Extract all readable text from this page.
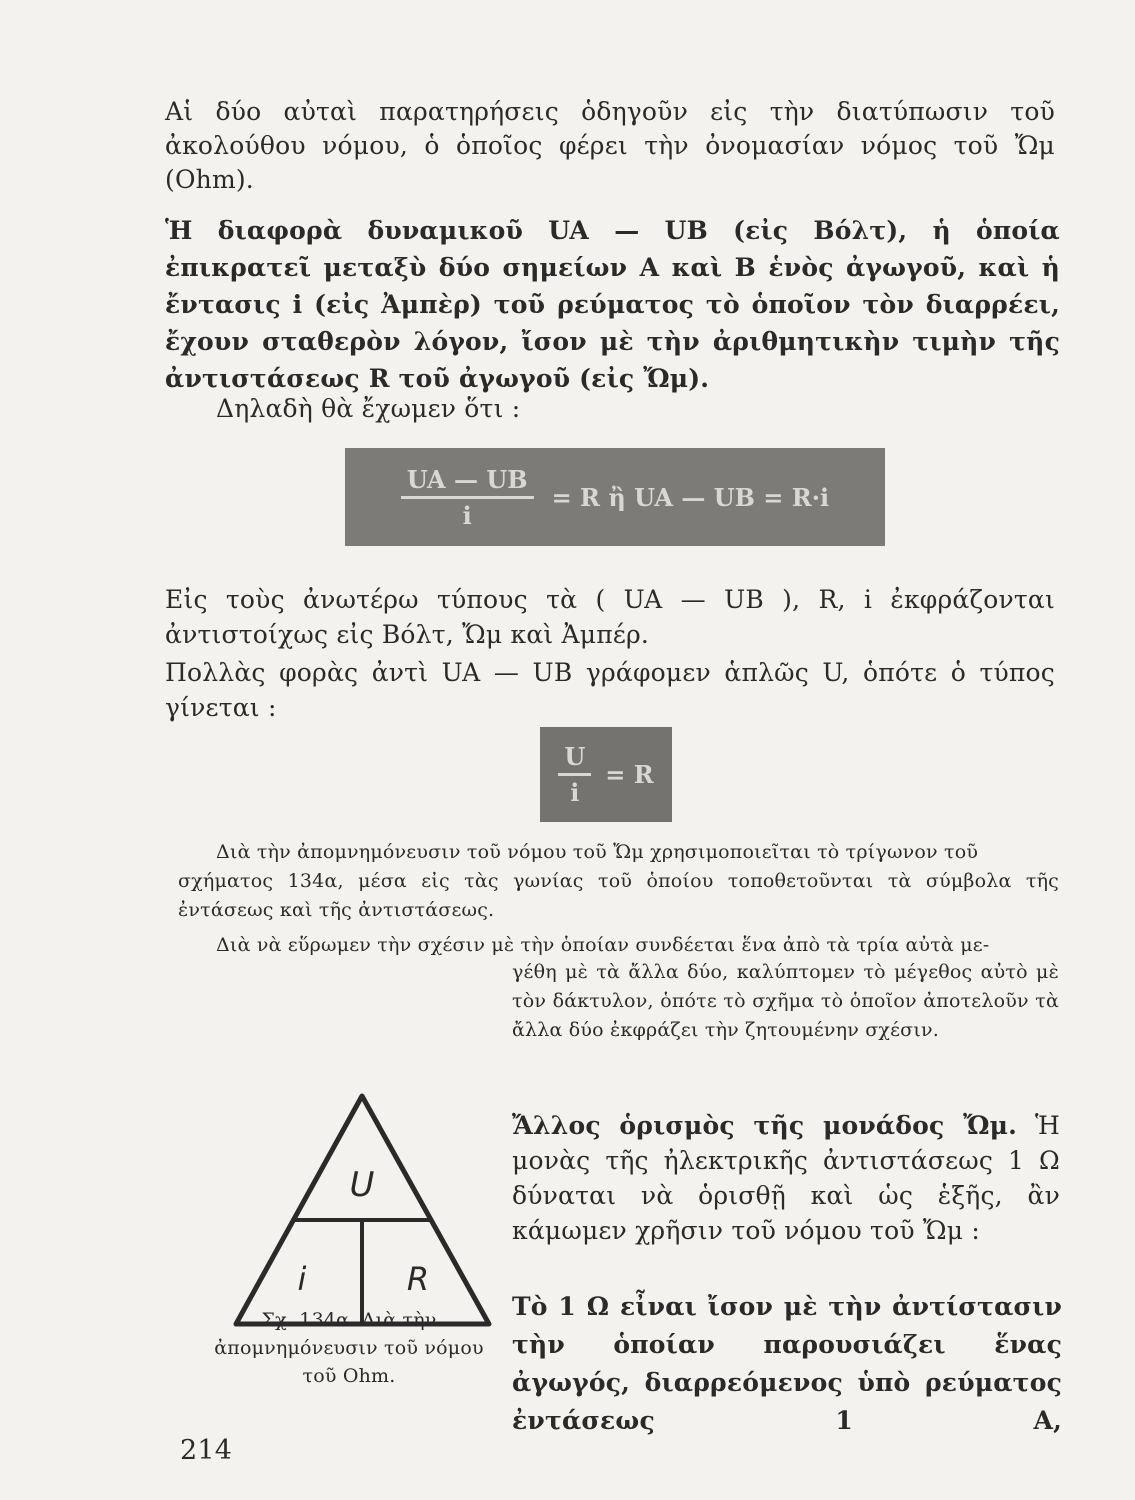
Αἱ δύο αὐταὶ παρατηρήσεις ὁδηγοῦν εἰς τὴν διατύπωσιν τοῦ ἀκολούθου νόμου, ὁ ὁποῖος φέρει τὴν ὀνομασίαν νόμος τοῦ Ὤμ (Ohm).

Ἡ διαφορὰ δυναμικοῦ UA — UB (εἰς Βόλτ), ἡ ὁποία ἐπικρατεῖ μεταξὺ δύο σημείων Α καὶ Β ἑνὸς ἀγωγοῦ, καὶ ἡ ἔντασις i (εἰς Ἀμπὲρ) τοῦ ρεύματος τὸ ὁποῖον τὸν διαρρέει, ἔχουν σταθερὸν λόγον, ἴσον μὲ τὴν ἀριθμητικὴν τιμὴν τῆς ἀντιστάσεως R τοῦ ἀγωγοῦ (εἰς Ὤμ).

Δηλαδὴ θὰ ἔχωμεν ὅτι :

$\frac{UA — UB}{i} = R$ ἢ UA — UB = R·i

Εἰς τοὺς ἀνωτέρω τύπους τὰ ( UA — UB ), R, i ἐκφράζονται ἀντιστοίχως εἰς Βόλτ, Ὤμ καὶ Ἀμπέρ.

Πολλὰς φορὰς ἀντὶ UA — UB γράφομεν ἁπλῶς U, ὁπότε ὁ τύπος γίνεται :

$\frac{U}{i} = R$

Διὰ τὴν ἀπομνημόνευσιν τοῦ νόμου τοῦ Ὤμ χρησιμοποιεῖται τὸ τρίγωνον τοῦ

σχήματος 134α, μέσα εἰς τὰς γωνίας τοῦ ὁποίου τοποθετοῦνται τὰ σύμβολα τῆς ἐντάσεως καὶ τῆς ἀντιστάσεως.

Διὰ νὰ εὕρωμεν τὴν σχέσιν μὲ τὴν ὁποίαν συνδέεται ἕνα ἀπὸ τὰ τρία αὐτὰ με-

γέθη μὲ τὰ ἄλλα δύο, καλύπτομεν τὸ μέγεθος αὐτὸ μὲ τὸν δάκτυλον, ὁπότε τὸ σχῆμα τὸ ὁποῖον ἀποτελοῦν τὰ ἄλλα δύο ἐκφράζει τὴν ζητουμένην σχέσιν.

Ἄλλος ὁρισμὸς τῆς μονάδος Ὤμ. Ἡ μονὰς τῆς ἠλεκτρικῆς ἀντιστάσεως 1 Ω δύναται νὰ ὁρισθῇ καὶ ὡς ἑξῆς, ἂν κάμωμεν χρῆσιν τοῦ νόμου τοῦ Ὤμ :

Τὸ 1 Ω εἶναι ἴσον μὲ τὴν ἀντίστασιν τὴν ὁποίαν παρουσιάζει ἕνας ἀγωγός, διαρρεόμενος ὑπὸ ρεύματος ἐντάσεως 1 Α,

U
i	R

Σχ. 134α. Διὰ τὴν ἀπομνημόνευσιν τοῦ νόμου τοῦ Ohm.

214
